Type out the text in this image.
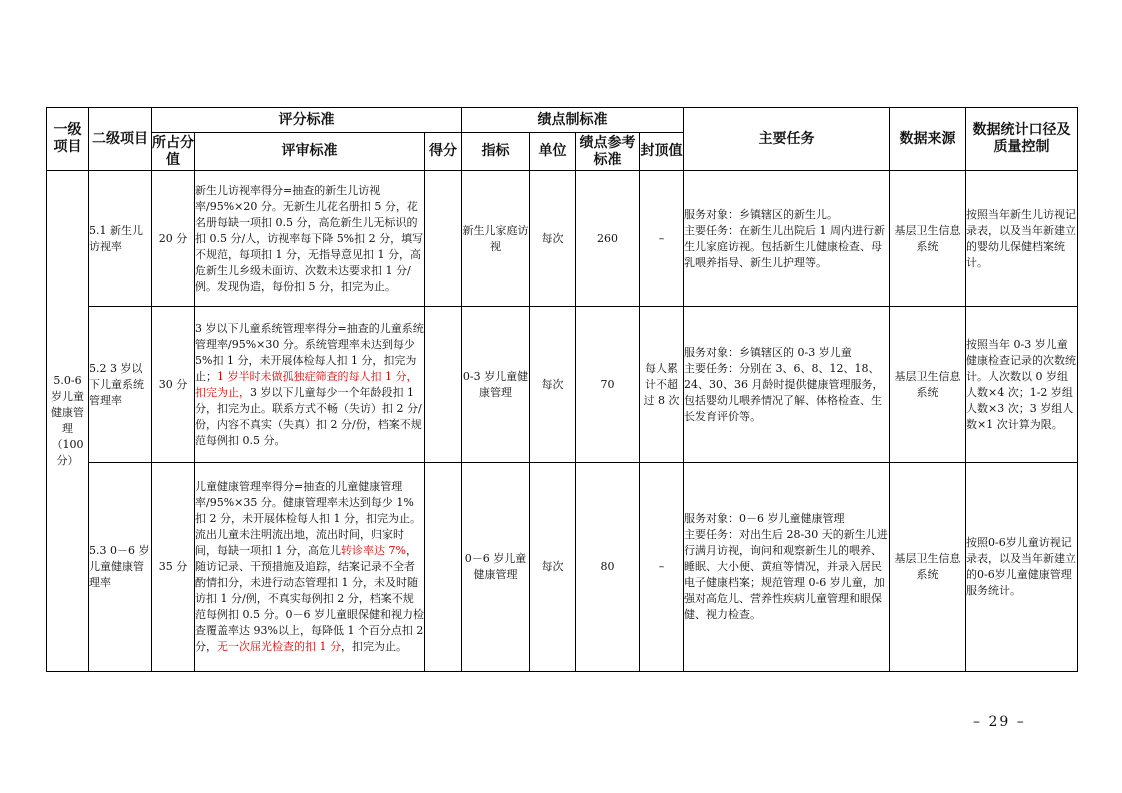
一级项目	二级项目	评分标准			绩点制标准				主要任务	数据来源	数据统计口径及质量控制
		所占分值	评审标准	得分	指标	单位	绩点参考标准	封顶值			
5.0-6 岁儿童健康管理（100 分）	5.1 新生儿访视率	20 分	新生儿访视率得分=抽查的新生儿访视率/95%×20 分。无新生儿花名册扣 5 分，花名册每缺一项扣 0.5 分，高危新生儿无标识的扣 0.5 分/人，访视率每下降 5%扣 2 分，填写不规范，每项扣 1 分，无指导意见扣 1 分，高危新生儿乡级未面访、次数未达要求扣 1 分/例。发现伪造，每份扣 5 分，扣完为止。		新生儿家庭访视	每次	260	–	服务对象：乡镇辖区的新生儿。
主要任务：在新生儿出院后 1 周内进行新生儿家庭访视。包括新生儿健康检查、母乳喂养指导、新生儿护理等。	基层卫生信息系统	按照当年新生儿访视记录表，以及当年新建立的婴幼儿保健档案统计。
	5.2 3 岁以下儿童系统管理率	30 分	3 岁以下儿童系统管理率得分=抽查的儿童系统管理率/95%×30 分。系统管理率未达到每少 5%扣 1 分，未开展体检每人扣 1 分，扣完为止；1 岁半时未做孤独症筛查的每人扣 1 分，扣完为止，3 岁以下儿童每少一个年龄段扣 1 分，扣完为止。联系方式不畅（失访）扣 2 分/份，内容不真实（失真）扣 2 分/份，档案不规范每例扣 0.5 分。		0-3 岁儿童健康管理	每次	70	每人累计不超过 8 次	服务对象：乡镇辖区的 0-3 岁儿童
主要任务：分别在 3、6、8、12、18、24、30、36 月龄时提供健康管理服务，包括婴幼儿喂养情况了解、体格检查、生长发育评价等。	基层卫生信息系统	按照当年 0-3 岁儿童健康检查记录的次数统计。人次数以 0 岁组人数×4 次；1-2 岁组人数×3 次；3 岁组人数×1 次计算为限。
	5.3 0－6 岁儿童健康管理率	35 分	儿童健康管理率得分=抽查的儿童健康管理率/95%×35 分。健康管理率未达到每少 1%扣 2 分，未开展体检每人扣 1 分，扣完为止。流出儿童未注明流出地，流出时间，归家时间，每缺一项扣 1 分，高危儿转诊率达 7%，随访记录、干预措施及追踪，结案记录不全者酌情扣分，未进行动态管理扣 1 分，未及时随访扣 1 分/例，不真实每例扣 2 分，档案不规范每例扣 0.5 分。0－6 岁儿童眼保健和视力检查覆盖率达 93%以上，每降低 1 个百分点扣 2 分，无一次屈光检查的扣 1 分，扣完为止。		0－6 岁儿童健康管理	每次	80	–	服务对象：0－6 岁儿童健康管理
主要任务：对出生后 28-30 天的新生儿进行满月访视，询问和观察新生儿的喂养、睡眠、大小便、黄疸等情况，并录入居民电子健康档案；规范管理 0-6 岁儿童，加强对高危儿、营养性疾病儿童管理和眼保健、视力检查。	基层卫生信息系统	按照0-6岁儿童访视记录表，以及当年新建立的0-6岁儿童健康管理服务统计。
– 29 –
